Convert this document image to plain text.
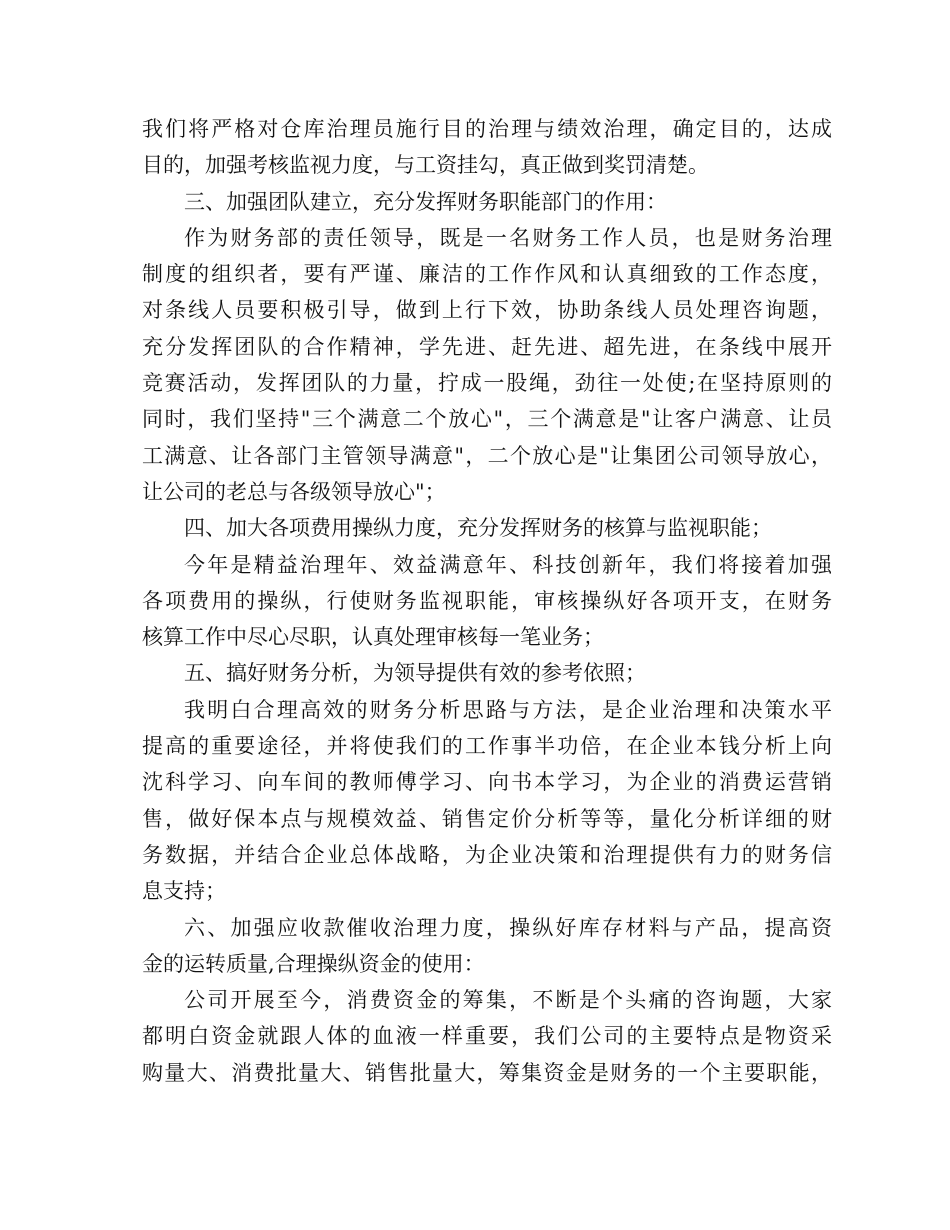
我们将严格对仓库治理员施行目的治理与绩效治理，确定目的，达成
目的，加强考核监视力度，与工资挂勾，真正做到奖罚清楚。
三、加强团队建立，充分发挥财务职能部门的作用：
作为财务部的责任领导，既是一名财务工作人员，也是财务治理
制度的组织者，要有严谨、廉洁的工作作风和认真细致的工作态度，
对条线人员要积极引导，做到上行下效，协助条线人员处理咨询题，
充分发挥团队的合作精神，学先进、赶先进、超先进，在条线中展开
竞赛活动，发挥团队的力量，拧成一股绳，劲往一处使;在坚持原则的
同时，我们坚持"三个满意二个放心"，三个满意是"让客户满意、让员
工满意、让各部门主管领导满意"，二个放心是"让集团公司领导放心，
让公司的老总与各级领导放心"；
四、加大各项费用操纵力度，充分发挥财务的核算与监视职能；
今年是精益治理年、效益满意年、科技创新年，我们将接着加强
各项费用的操纵，行使财务监视职能，审核操纵好各项开支，在财务
核算工作中尽心尽职，认真处理审核每一笔业务；
五、搞好财务分析，为领导提供有效的参考依照；
我明白合理高效的财务分析思路与方法，是企业治理和决策水平
提高的重要途径，并将使我们的工作事半功倍，在企业本钱分析上向
沈科学习、向车间的教师傅学习、向书本学习，为企业的消费运营销
售，做好保本点与规模效益、销售定价分析等等，量化分析详细的财
务数据，并结合企业总体战略，为企业决策和治理提供有力的财务信
息支持；
六、加强应收款催收治理力度，操纵好库存材料与产品，提高资
金的运转质量,合理操纵资金的使用：
公司开展至今，消费资金的筹集，不断是个头痛的咨询题，大家
都明白资金就跟人体的血液一样重要，我们公司的主要特点是物资采
购量大、消费批量大、销售批量大，筹集资金是财务的一个主要职能，
